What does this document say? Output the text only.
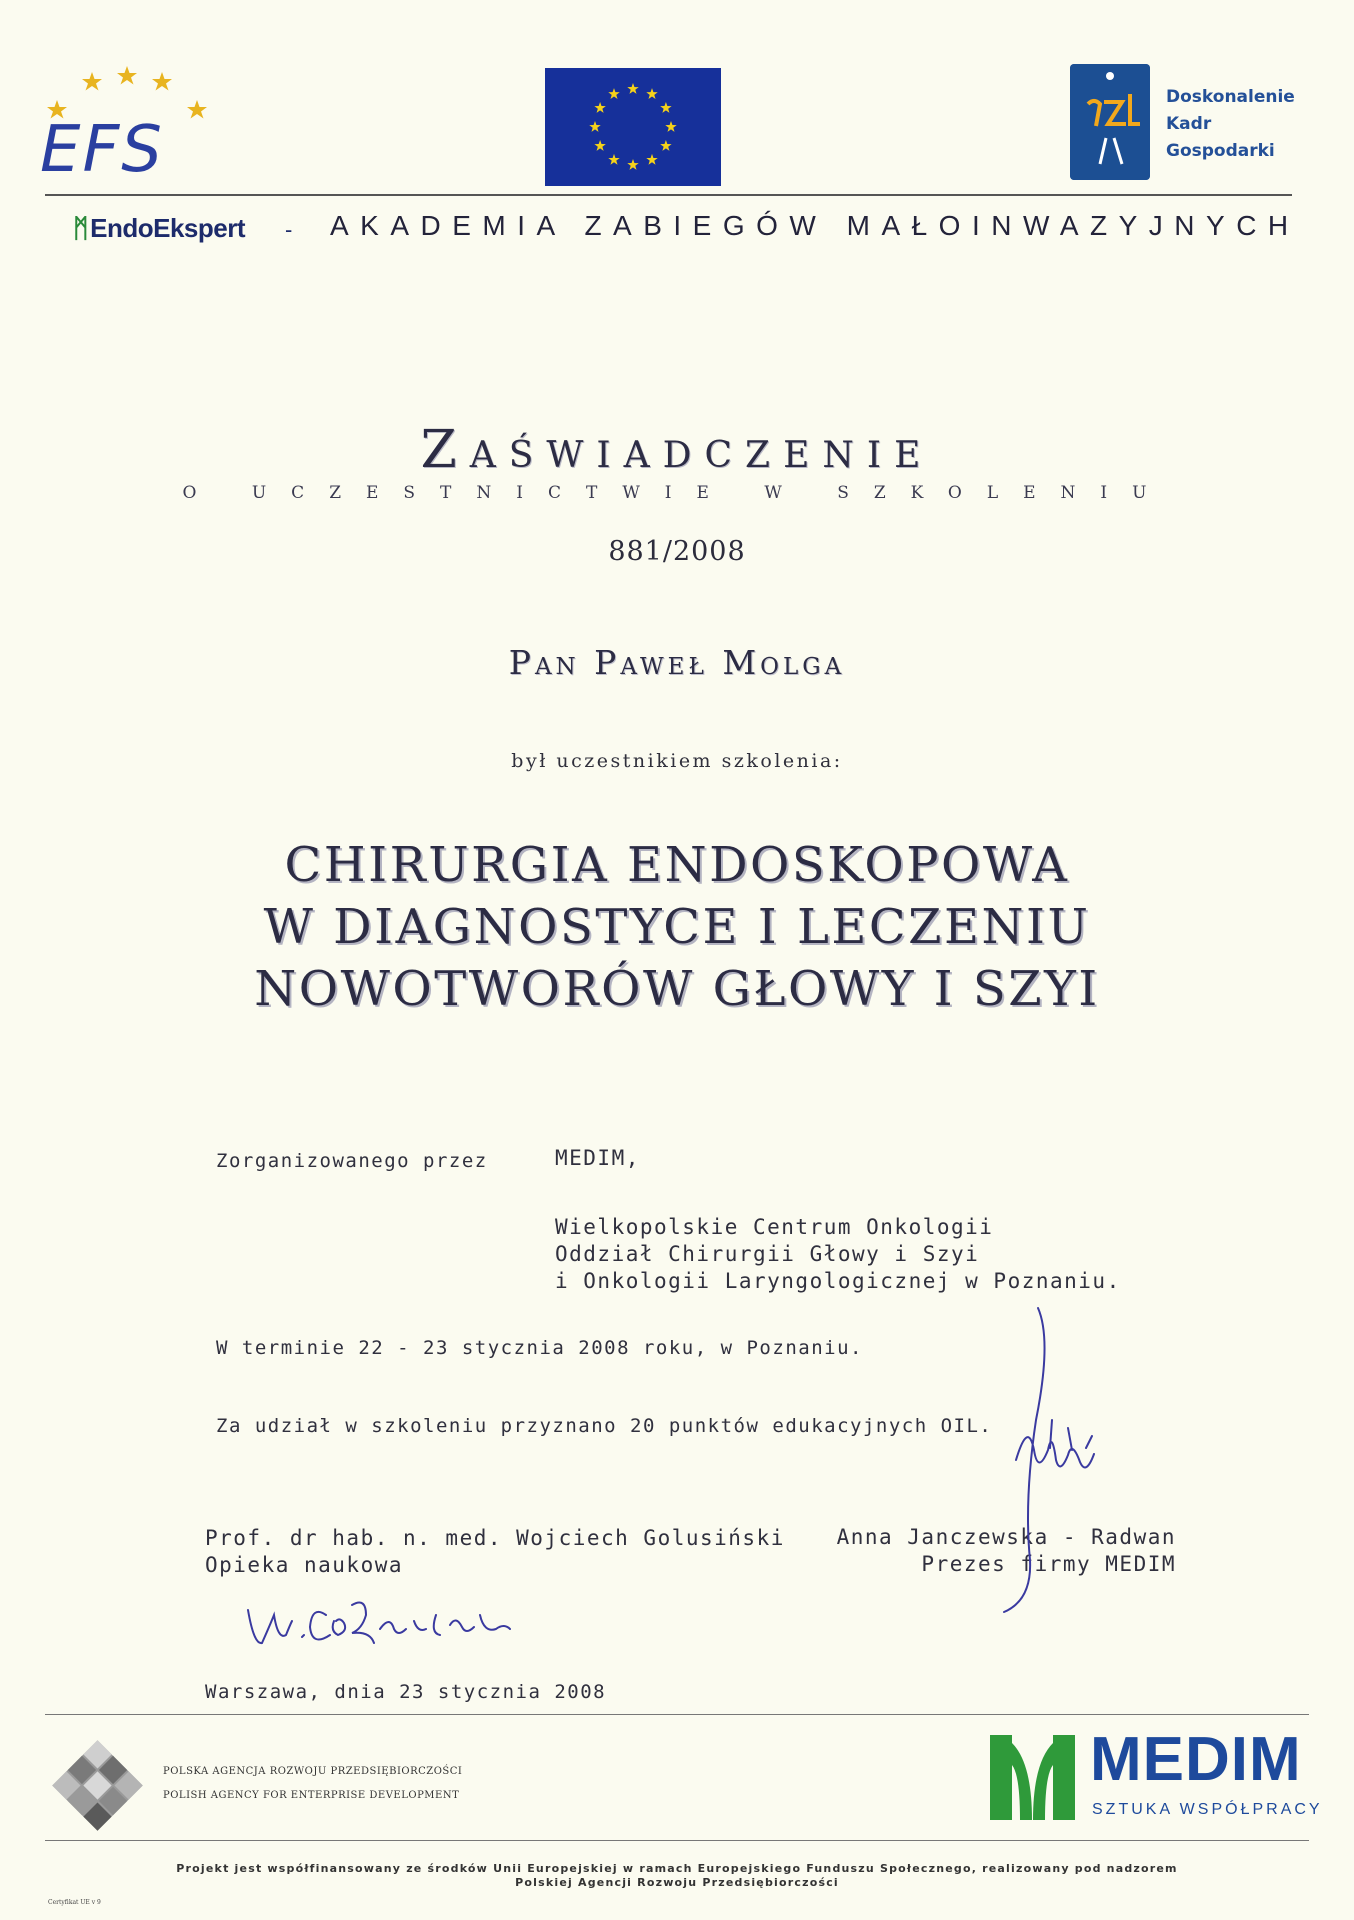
EFS
Doskonalenie
Kadr
Gospodarki
ᛗEndoEkspert - AKADEMIA ZABIEGÓW MAŁOINWAZYJNYCH
Zaświadczenie
O UCZESTNICTWIE W SZKOLENIU
881/2008
Pan Paweł Molga
był uczestnikiem szkolenia:
CHIRURGIA ENDOSKOPOWA
W DIAGNOSTYCE I LECZENIU
NOWOTWORÓW GŁOWY I SZYI
Zorganizowanego przez	MEDIM,
Wielkopolskie Centrum Onkologii
Oddział Chirurgii Głowy i Szyi
i Onkologii Laryngologicznej w Poznaniu.
W terminie 22 - 23 stycznia 2008 roku, w Poznaniu.
Za udział w szkoleniu przyznano 20 punktów edukacyjnych OIL.
Prof. dr hab. n. med. Wojciech Golusiński
Opieka naukowa
Anna Janczewska - Radwan
Prezes firmy MEDIM
Warszawa, dnia 23 stycznia 2008
POLSKA AGENCJA ROZWOJU PRZEDSIĘBIORCZOŚCI
POLISH AGENCY FOR ENTERPRISE DEVELOPMENT
MEDIM
SZTUKA WSPÓŁPRACY
Projekt jest współfinansowany ze środków Unii Europejskiej w ramach Europejskiego Funduszu Społecznego, realizowany pod nadzorem
Polskiej Agencji Rozwoju Przedsiębiorczości
Certyfikat UE v 9
